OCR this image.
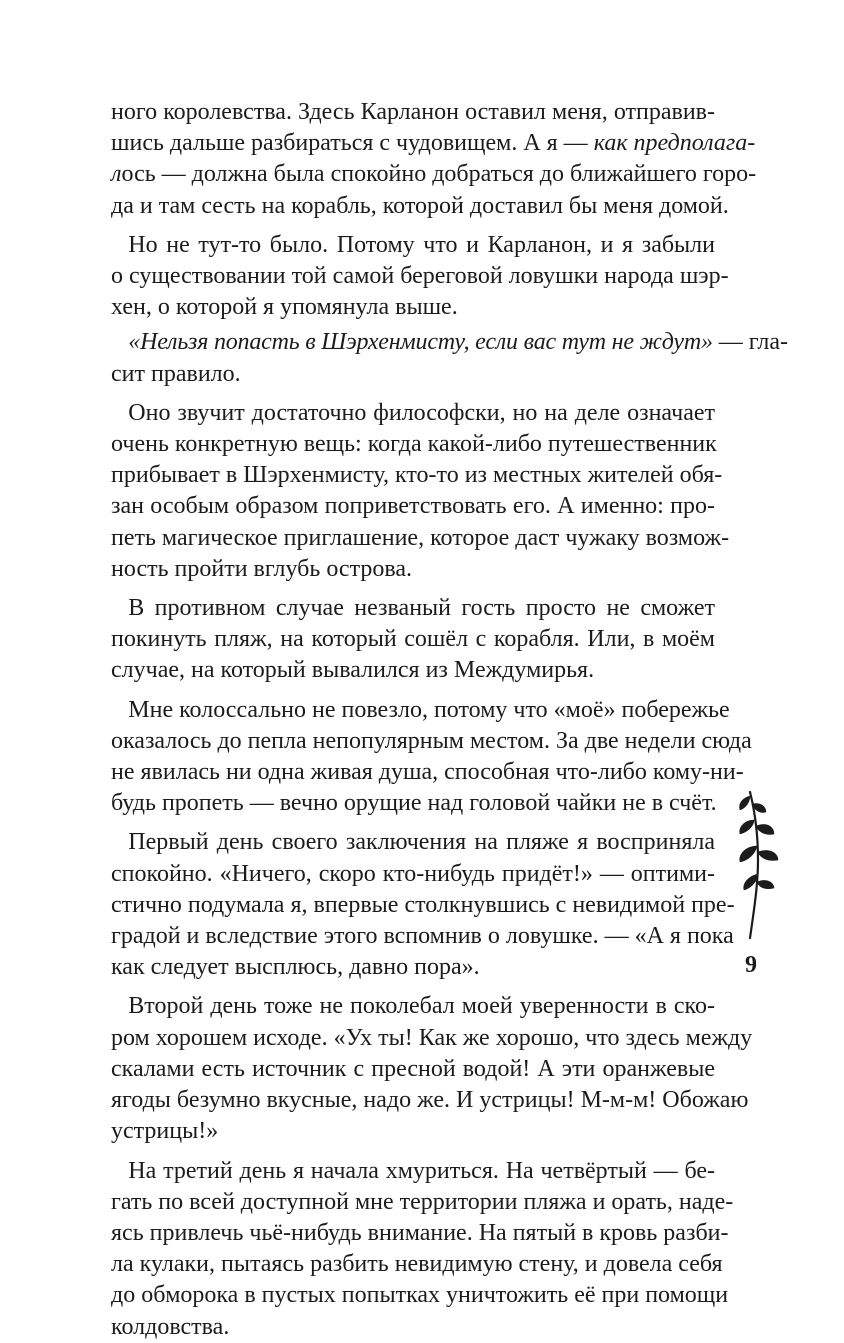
ного королевства. Здесь Карланон оставил меня, отправив-
шись дальше разбираться с чудовищем. А я — как предполага-
лось — должна была спокойно добраться до ближайшего горо-
да и там сесть на корабль, которой доставил бы меня домой.

Но не тут-то было. Потому что и Карланон, и я забыли
о существовании той самой береговой ловушки народа шэр-
хен, о которой я упомянула выше.

«Нельзя попасть в Шэрхенмисту, если вас тут не ждут» — гла-
сит правило.

Оно звучит достаточно философски, но на деле означает
очень конкретную вещь: когда какой-либо путешественник
прибывает в Шэрхенмисту, кто-то из местных жителей обя-
зан особым образом поприветствовать его. А именно: про-
петь магическое приглашение, которое даст чужаку возмож-
ность пройти вглубь острова.

В противном случае незваный гость просто не сможет
покинуть пляж, на который сошёл с корабля. Или, в моём
случае, на который вывалился из Междумирья.

Мне колоссально не повезло, потому что «моё» побережье
оказалось до пепла непопулярным местом. За две недели сюда
не явилась ни одна живая душа, способная что-либо кому-ни-
будь пропеть — вечно орущие над головой чайки не в счёт.

Первый день своего заключения на пляже я восприняла
спокойно. «Ничего, скоро кто-нибудь придёт!» — оптими-
стично подумала я, впервые столкнувшись с невидимой пре-
градой и вследствие этого вспомнив о ловушке. — «А я пока
как следует высплюсь, давно пора».

Второй день тоже не поколебал моей уверенности в ско-
ром хорошем исходе. «Ух ты! Как же хорошо, что здесь между
скалами есть источник с пресной водой! А эти оранжевые
ягоды безумно вкусные, надо же. И устрицы! М-м-м! Обожаю
устрицы!»

На третий день я начала хмуриться. На четвёртый — бе-
гать по всей доступной мне территории пляжа и орать, наде-
ясь привлечь чьё-нибудь внимание. На пятый в кровь разби-
ла кулаки, пытаясь разбить невидимую стену, и довела себя
до обморока в пустых попытках уничтожить её при помощи
колдовства.

9
